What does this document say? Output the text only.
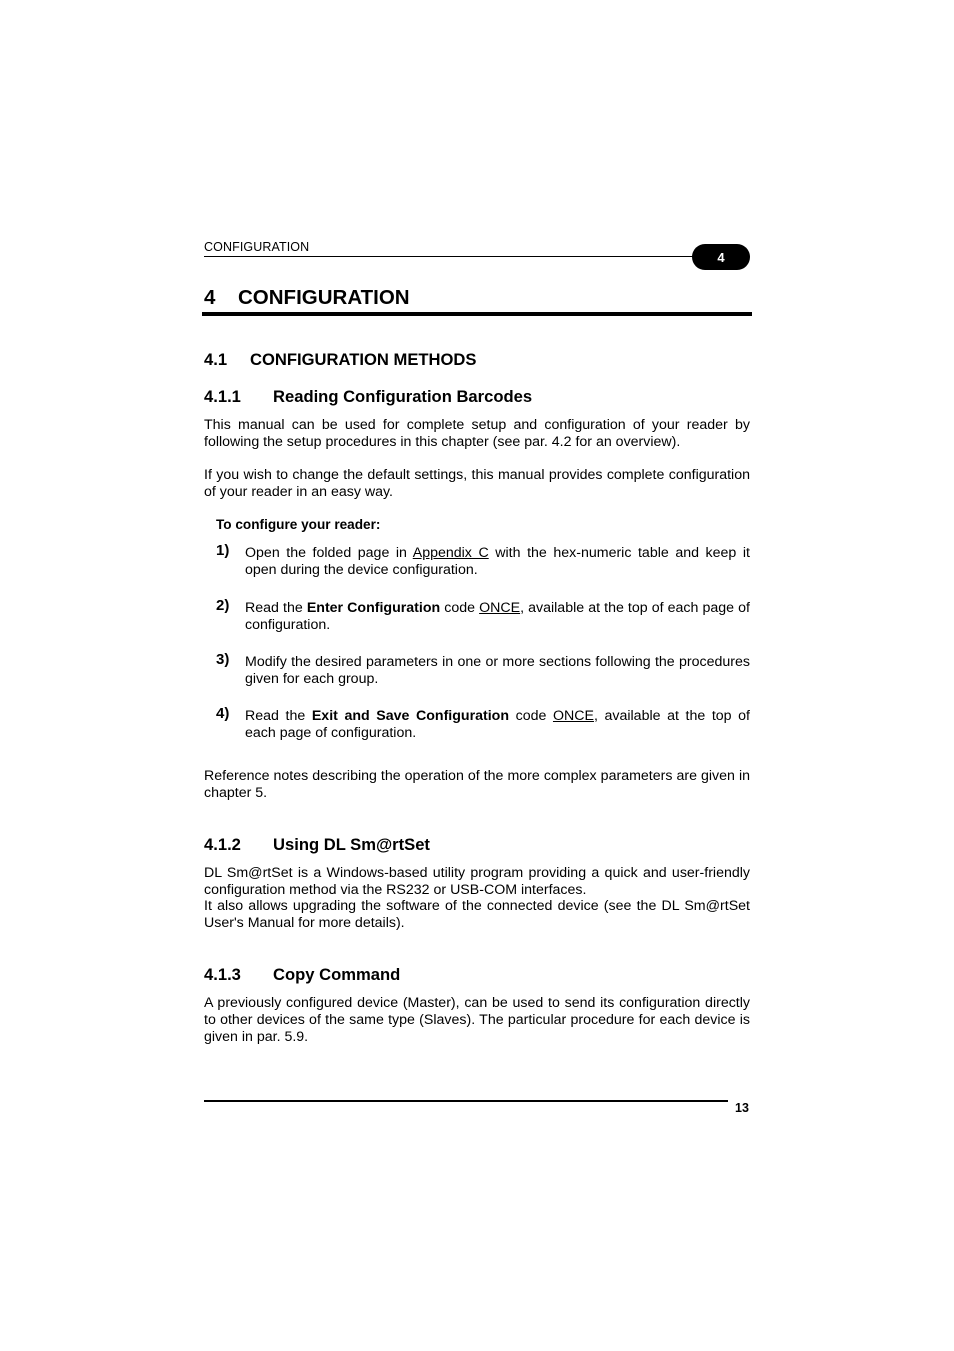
CONFIGURATION
4
4 CONFIGURATION
4.1 CONFIGURATION METHODS
4.1.1 Reading Configuration Barcodes

This manual can be used for complete setup and configuration of your reader by following the setup procedures in this chapter (see par. 4.2 for an overview).

If you wish to change the default settings, this manual provides complete configuration of your reader in an easy way.

To configure your reader:
1) Open the folded page in Appendix C with the hex-numeric table and keep it open during the device configuration.

2) Read the Enter Configuration code ONCE, available at the top of each page of configuration.

3) Modify the desired parameters in one or more sections following the procedures given for each group.

4) Read the Exit and Save Configuration code ONCE, available at the top of each page of configuration.

Reference notes describing the operation of the more complex parameters are given in chapter 5.

4.1.2 Using DL Sm@rtSet

DL Sm@rtSet is a Windows-based utility program providing a quick and user-friendly configuration method via the RS232 or USB-COM interfaces.

It also allows upgrading the software of the connected device (see the DL Sm@rtSet User's Manual for more details).

4.1.3 Copy Command

A previously configured device (Master), can be used to send its configuration directly to other devices of the same type (Slaves). The particular procedure for each device is given in par. 5.9.

13
